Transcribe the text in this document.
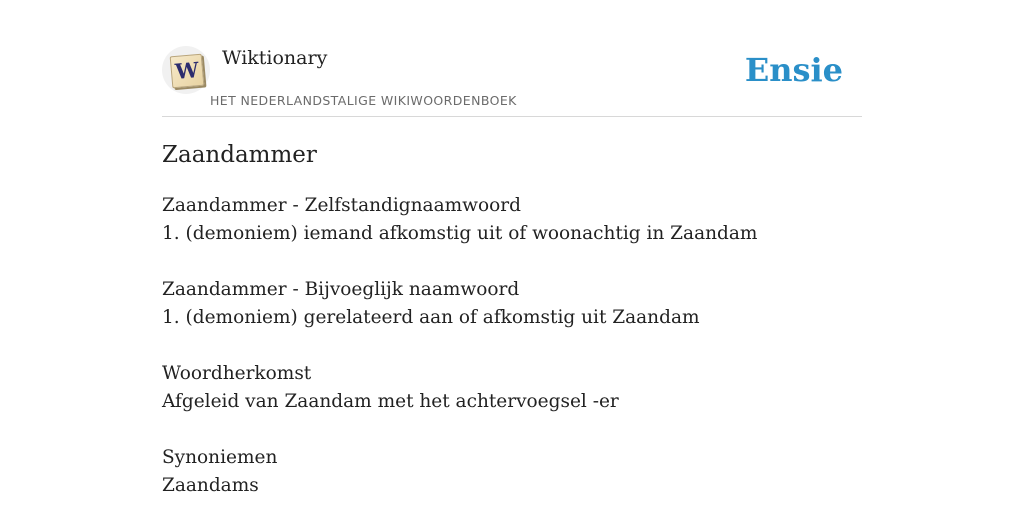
W Wiktionary
HET NEDERLANDSTALIGE WIKIWOORDENBOEK
Ensie
Zaandammer
Zaandammer - Zelfstandignaamwoord
1. (demoniem) iemand afkomstig uit of woonachtig in Zaandam
Zaandammer - Bijvoeglijk naamwoord
1. (demoniem) gerelateerd aan of afkomstig uit Zaandam
Woordherkomst
Afgeleid van Zaandam met het achtervoegsel -er
Synoniemen
Zaandams
